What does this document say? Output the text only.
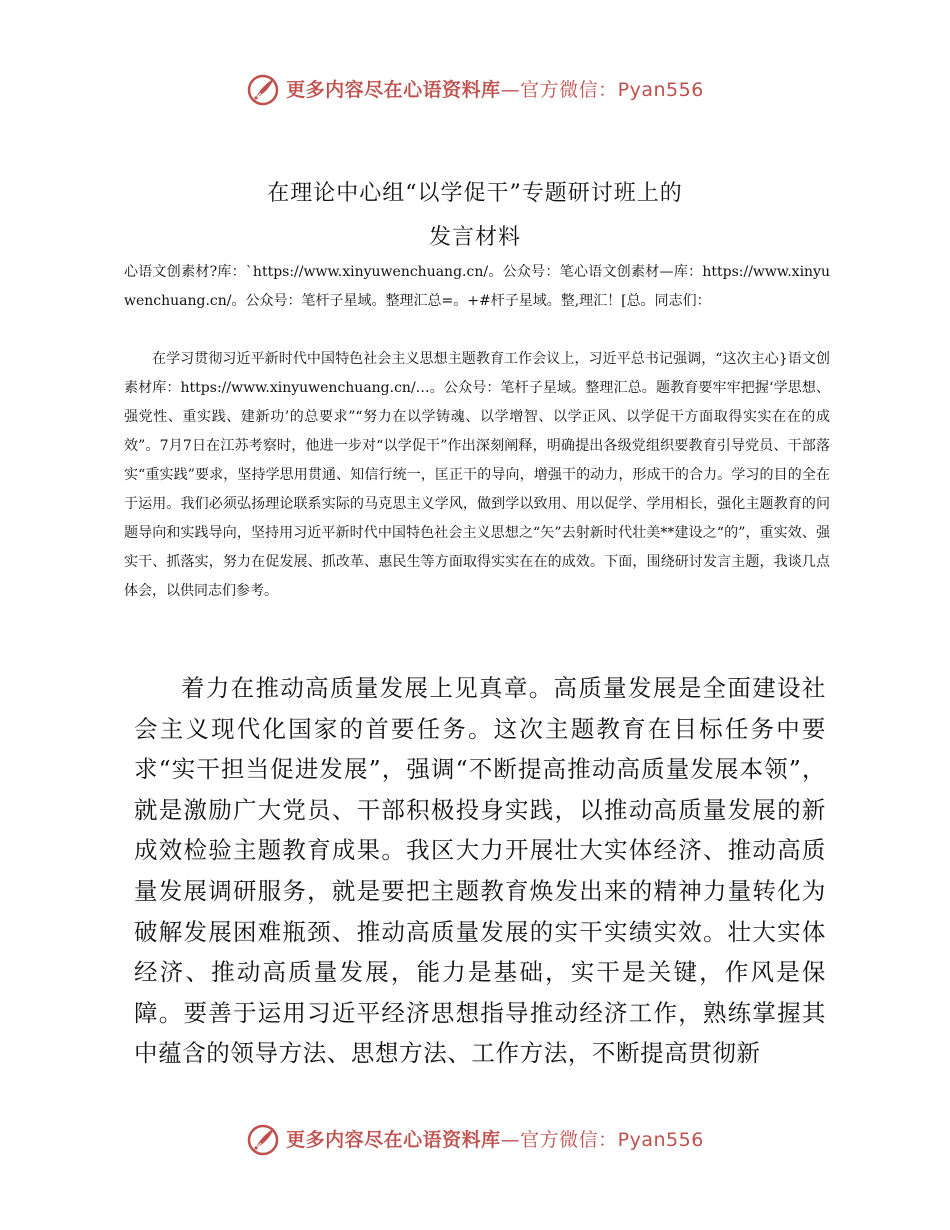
更多内容尽在心语资料库—官方微信：Pyan556
在理论中心组“以学促干”专题研讨班上的
发言材料
心语文创素材?库：`https://www.xinyuwenchuang.cn/。公众号：笔心语文创素材—库：https://www.xinyuwenchuang.cn/。公众号：笔杆子星域。整理汇总=。+#杆子星域。整,理汇！[总。同志们：
在学习贯彻习近平新时代中国特色社会主义思想主题教育工作会议上，习近平总书记强调，“这次主心}语文创素材库：https://www.xinyuwenchuang.cn/…。公众号：笔杆子星域。整理汇总。题教育要牢牢把握‘学思想、强党性、重实践、建新功’的总要求”“努力在以学铸魂、以学增智、以学正风、以学促干方面取得实实在在的成效”。7月7日在江苏考察时，他进一步对“以学促干”作出深刻阐释，明确提出各级党组织要教育引导党员、干部落实“重实践”要求，坚持学思用贯通、知信行统一，匡正干的导向，增强干的动力，形成干的合力。学习的目的全在于运用。我们必须弘扬理论联系实际的马克思主义学风，做到学以致用、用以促学、学用相长，强化主题教育的问题导向和实践导向，坚持用习近平新时代中国特色社会主义思想之“矢”去射新时代壮美**建设之“的”，重实效、强实干、抓落实，努力在促发展、抓改革、惠民生等方面取得实实在在的成效。下面，围绕研讨发言主题，我谈几点体会，以供同志们参考。
着力在推动高质量发展上见真章。高质量发展是全面建设社会主义现代化国家的首要任务。这次主题教育在目标任务中要求“实干担当促进发展”，强调“不断提高推动高质量发展本领”，就是激励广大党员、干部积极投身实践，以推动高质量发展的新成效检验主题教育成果。我区大力开展壮大实体经济、推动高质量发展调研服务，就是要把主题教育焕发出来的精神力量转化为破解发展困难瓶颈、推动高质量发展的实干实绩实效。壮大实体经济、推动高质量发展，能力是基础，实干是关键，作风是保障。要善于运用习近平经济思想指导推动经济工作，熟练掌握其中蕴含的领导方法、思想方法、工作方法，不断提高贯彻新
更多内容尽在心语资料库—官方微信：Pyan556
